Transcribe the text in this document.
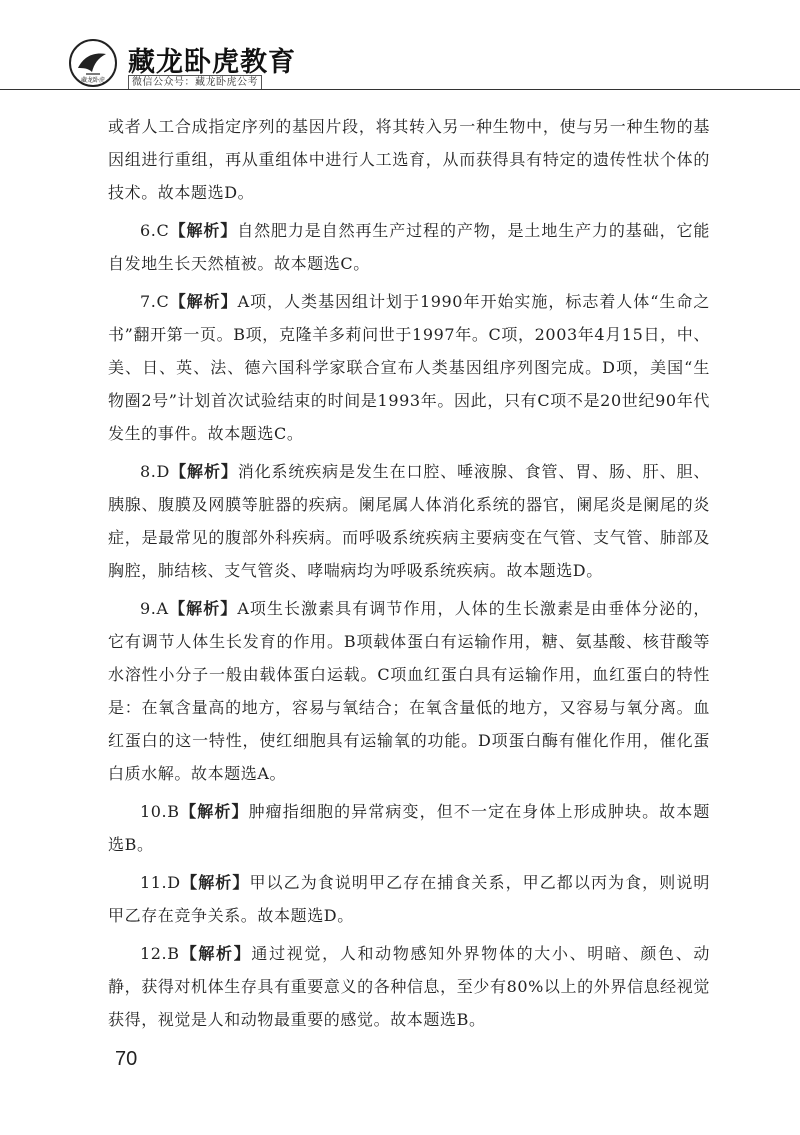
藏龙卧虎
藏龙卧虎教育
微信公众号：藏龙卧虎公考

或者人工合成指定序列的基因片段，将其转入另一种生物中，使与另一种生物的基因组进行重组，再从重组体中进行人工选育，从而获得具有特定的遗传性状个体的技术。故本题选D。

6.C【解析】自然肥力是自然再生产过程的产物，是土地生产力的基础，它能自发地生长天然植被。故本题选C。

7.C【解析】A项，人类基因组计划于1990年开始实施，标志着人体“生命之书”翻开第一页。B项，克隆羊多莉问世于1997年。C项，2003年4月15日，中、美、日、英、法、德六国科学家联合宣布人类基因组序列图完成。D项，美国“生物圈2号”计划首次试验结束的时间是1993年。因此，只有C项不是20世纪90年代发生的事件。故本题选C。

8.D【解析】消化系统疾病是发生在口腔、唾液腺、食管、胃、肠、肝、胆、胰腺、腹膜及网膜等脏器的疾病。阑尾属人体消化系统的器官，阑尾炎是阑尾的炎症，是最常见的腹部外科疾病。而呼吸系统疾病主要病变在气管、支气管、肺部及胸腔，肺结核、支气管炎、哮喘病均为呼吸系统疾病。故本题选D。

9.A【解析】A项生长激素具有调节作用，人体的生长激素是由垂体分泌的，它有调节人体生长发育的作用。B项载体蛋白有运输作用，糖、氨基酸、核苷酸等水溶性小分子一般由载体蛋白运载。C项血红蛋白具有运输作用，血红蛋白的特性是：在氧含量高的地方，容易与氧结合；在氧含量低的地方，又容易与氧分离。血红蛋白的这一特性，使红细胞具有运输氧的功能。D项蛋白酶有催化作用，催化蛋白质水解。故本题选A。

10.B【解析】肿瘤指细胞的异常病变，但不一定在身体上形成肿块。故本题选B。

11.D【解析】甲以乙为食说明甲乙存在捕食关系，甲乙都以丙为食，则说明甲乙存在竞争关系。故本题选D。

12.B【解析】通过视觉，人和动物感知外界物体的大小、明暗、颜色、动静，获得对机体生存具有重要意义的各种信息，至少有80%以上的外界信息经视觉获得，视觉是人和动物最重要的感觉。故本题选B。

70
